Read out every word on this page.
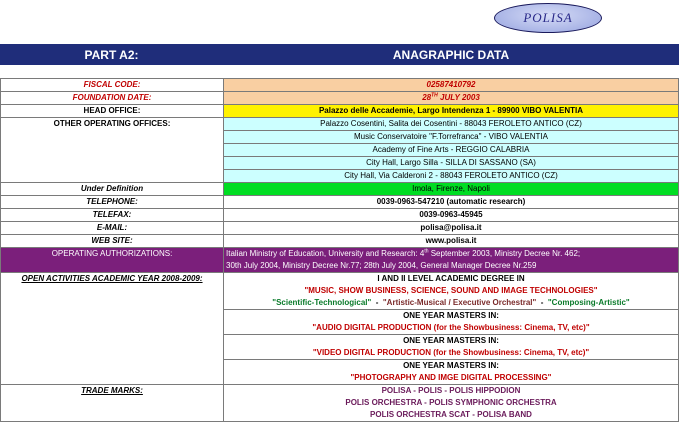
POLISA
PART A2:	ANAGRAPHIC DATA
FISCAL CODE:	02587410792
FOUNDATION DATE:	28TH JULY 2003
HEAD OFFICE:	Palazzo delle Accademie, Largo Intendenza 1 - 89900 VIBO VALENTIA
OTHER OPERATING OFFICES:	Palazzo Cosentini, Salita dei Cosentini - 88043 FEROLETO ANTICO (CZ)
	Music Conservatoire "F.Torrefranca" - VIBO VALENTIA
	Academy of Fine Arts - REGGIO CALABRIA
	City Hall, Largo Silla - SILLA DI SASSANO (SA)
	City Hall, Via Calderoni 2 - 88043 FEROLETO ANTICO (CZ)
Under Definition	Imola, Firenze, Napoli
TELEPHONE:	0039-0963-547210 (automatic research)
TELEFAX:	0039-0963-45945
E-MAIL:	polisa@polisa.it
WEB SITE:	www.polisa.it
OPERATING AUTHORIZATIONS:	Italian Ministry of Education, University and Research: 4th September 2003, Ministry Decree Nr. 462;
30th July 2004, Ministry Decree Nr.77; 28th July 2004, General Manager Decree Nr.259

OPEN ACTIVITIES ACADEMIC YEAR 2008-2009:	I AND II LEVEL ACADEMIC DEGREE IN
"MUSIC, SHOW BUSINESS, SCIENCE, SOUND AND IMAGE TECHNOLOGIES"
"Scientific-Technological" - "Artistic-Musical / Executive Orchestral" - "Composing-Artistic"

	ONE YEAR MASTERS IN:
"AUDIO DIGITAL PRODUCTION (for the Showbusiness: Cinema, TV, etc)"

	ONE YEAR MASTERS IN:
"VIDEO DIGITAL PRODUCTION (for the Showbusiness: Cinema, TV, etc)"

	ONE YEAR MASTERS IN:
"PHOTOGRAPHY AND IMGE DIGITAL PROCESSING"

TRADE MARKS:	POLISA - POLIS - POLIS HIPPODION
POLIS ORCHESTRA - POLIS SYMPHONIC ORCHESTRA
POLIS ORCHESTRA SCAT - POLISA BAND
